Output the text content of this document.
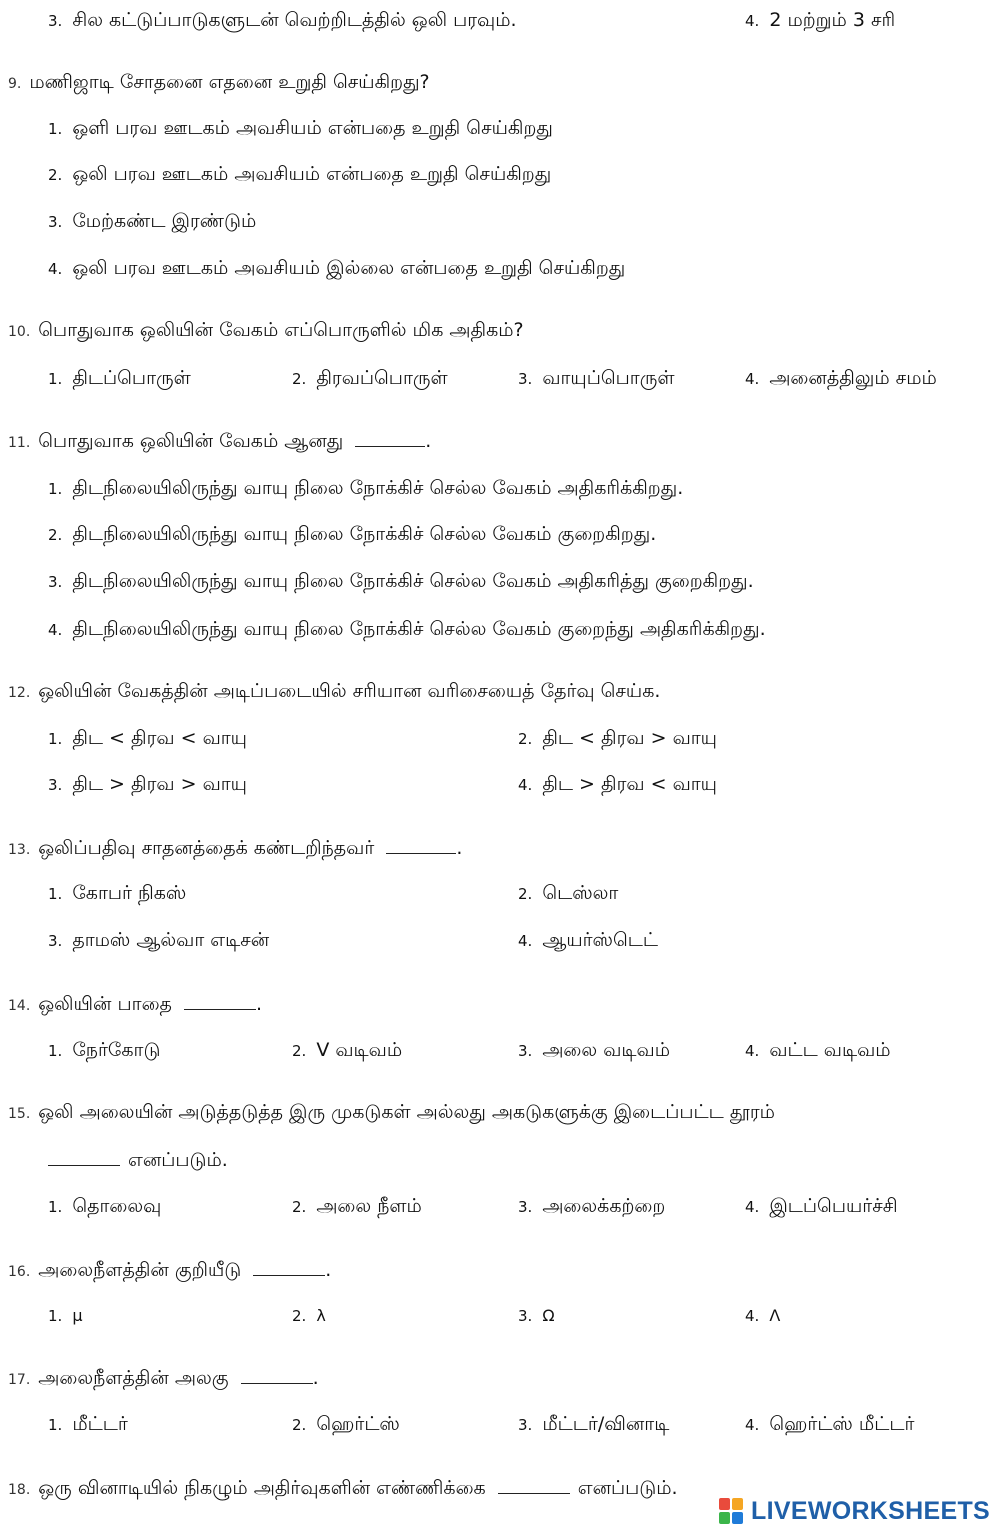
3. சில கட்டுப்பாடுகளுடன் வெற்றிடத்தில் ஒலி பரவும்.	4. 2 மற்றும் 3 சரி
9. மணிஜாடி சோதனை எதனை உறுதி செய்கிறது?
1. ஒளி பரவ ஊடகம் அவசியம் என்பதை உறுதி செய்கிறது
2. ஒலி பரவ ஊடகம் அவசியம் என்பதை உறுதி செய்கிறது
3. மேற்கண்ட இரண்டும்
4. ஒலி பரவ ஊடகம் அவசியம் இல்லை என்பதை உறுதி செய்கிறது
10. பொதுவாக ஒலியின் வேகம் எப்பொருளில் மிக அதிகம்?
1. திடப்பொருள்	2. திரவப்பொருள்	3. வாயுப்பொருள்	4. அனைத்திலும் சமம்
11. பொதுவாக ஒலியின் வேகம் ஆனது	.
1. திடநிலையிலிருந்து வாயு நிலை நோக்கிச் செல்ல வேகம் அதிகரிக்கிறது.
2. திடநிலையிலிருந்து வாயு நிலை நோக்கிச் செல்ல வேகம் குறைகிறது.
3. திடநிலையிலிருந்து வாயு நிலை நோக்கிச் செல்ல வேகம் அதிகரித்து குறைகிறது.
4. திடநிலையிலிருந்து வாயு நிலை நோக்கிச் செல்ல வேகம் குறைந்து அதிகரிக்கிறது.
12. ஒலியின் வேகத்தின் அடிப்படையில் சரியான வரிசையைத் தேர்வு செய்க.
1. திட < திரவ < வாயு	2. திட < திரவ > வாயு
3. திட > திரவ > வாயு	4. திட > திரவ < வாயு
13. ஒலிப்பதிவு சாதனத்தைக் கண்டறிந்தவர்	.
1. கோபர் நிகஸ்	2. டெஸ்லா
3. தாமஸ் ஆல்வா எடிசன்	4. ஆயர்ஸ்டெட்
14. ஒலியின் பாதை	.
1. நேர்கோடு	2. V வடிவம்	3. அலை வடிவம்	4. வட்ட வடிவம்
15. ஒலி அலையின் அடுத்தடுத்த இரு முகடுகள் அல்லது அகடுகளுக்கு இடைப்பட்ட தூரம்
எனப்படும்.
1. தொலைவு	2. அலை நீளம்	3. அலைக்கற்றை	4. இடப்பெயர்ச்சி
16. அலைநீளத்தின் குறியீடு	.
1. μ	2. λ	3. Ω	4. Λ
17. அலைநீளத்தின் அலகு	.
1. மீட்டர்	2. ஹெர்ட்ஸ்	3. மீட்டர்/வினாடி	4. ஹெர்ட்ஸ் மீட்டர்
18. ஒரு வினாடியில் நிகழும் அதிர்வுகளின் எண்ணிக்கை	எனப்படும்.
LIVEWORKSHEETS
